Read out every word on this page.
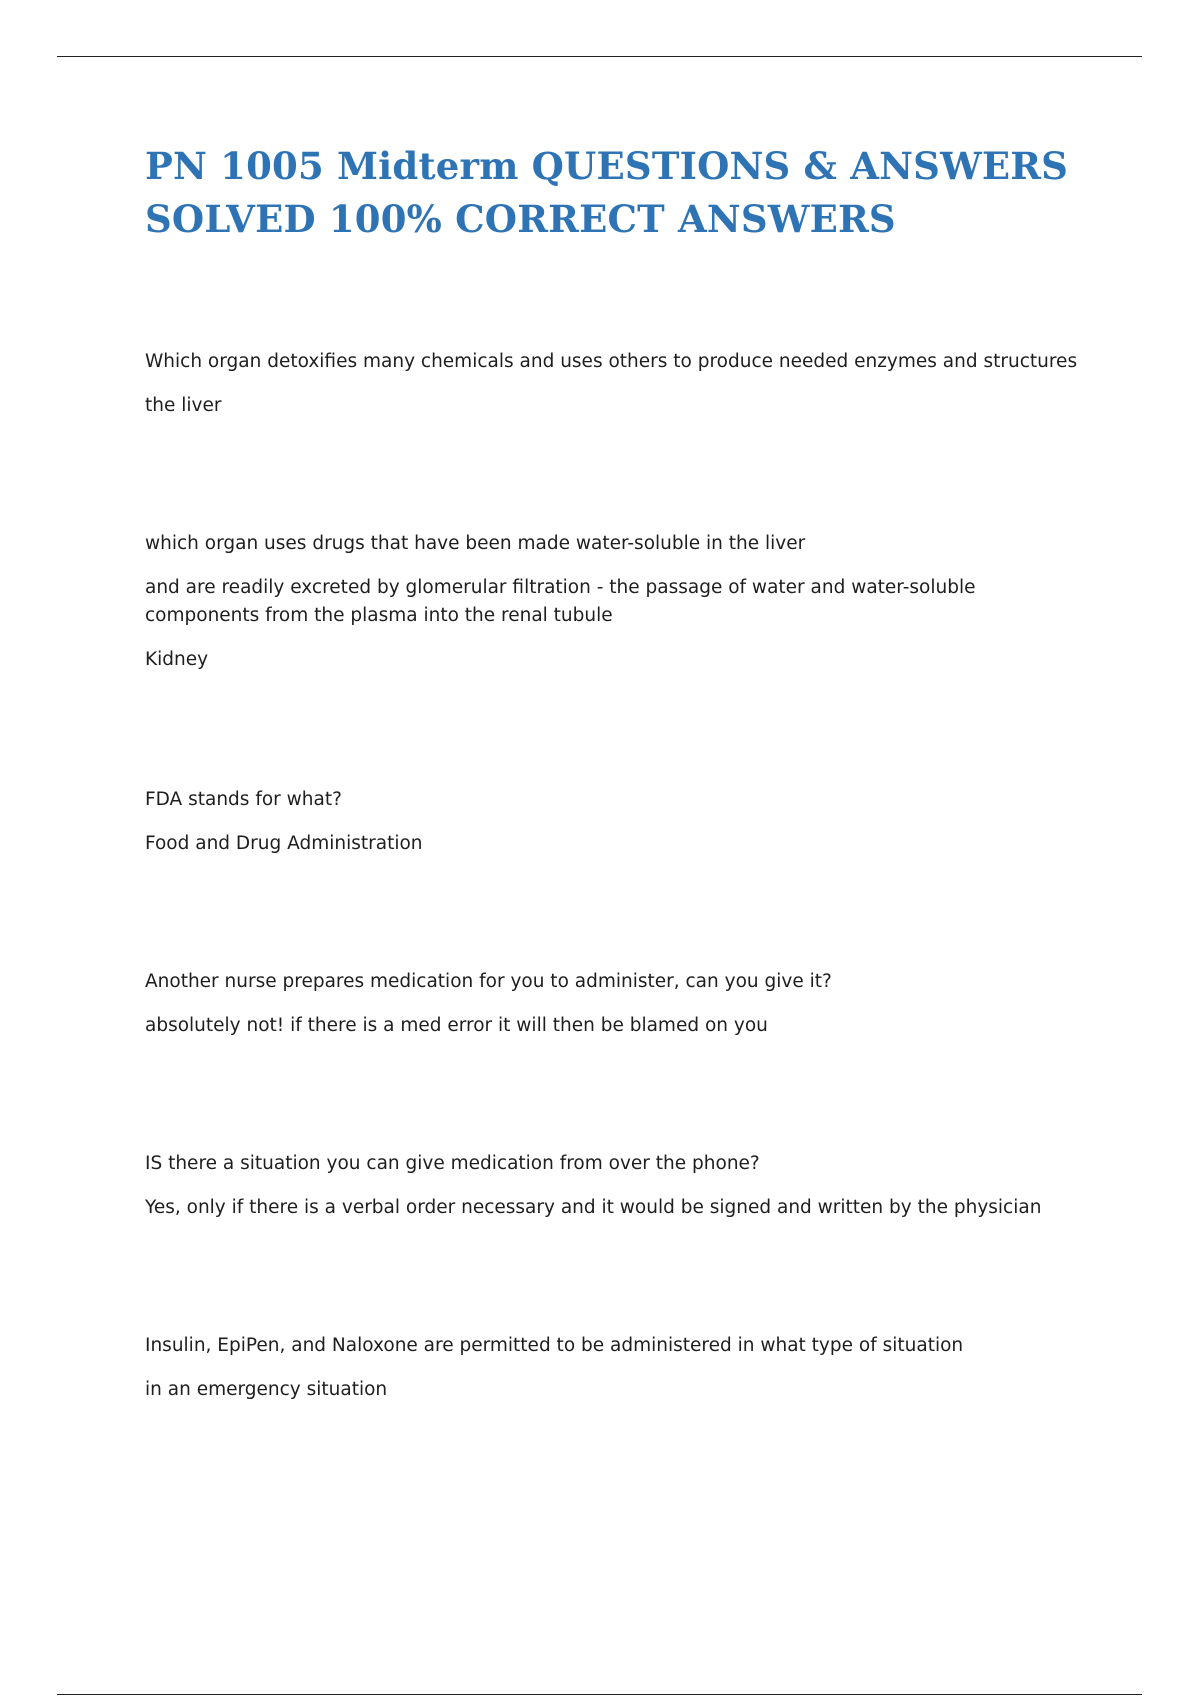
PN 1005 Midterm QUESTIONS & ANSWERS
SOLVED 100% CORRECT ANSWERS

Which organ detoxifies many chemicals and uses others to produce needed enzymes and structures

the liver

which organ uses drugs that have been made water-soluble in the liver

and are readily excreted by glomerular filtration - the passage of water and water-soluble components from the plasma into the renal tubule

Kidney

FDA stands for what?

Food and Drug Administration

Another nurse prepares medication for you to administer, can you give it?

absolutely not! if there is a med error it will then be blamed on you

IS there a situation you can give medication from over the phone?

Yes, only if there is a verbal order necessary and it would be signed and written by the physician

Insulin, EpiPen, and Naloxone are permitted to be administered in what type of situation

in an emergency situation
